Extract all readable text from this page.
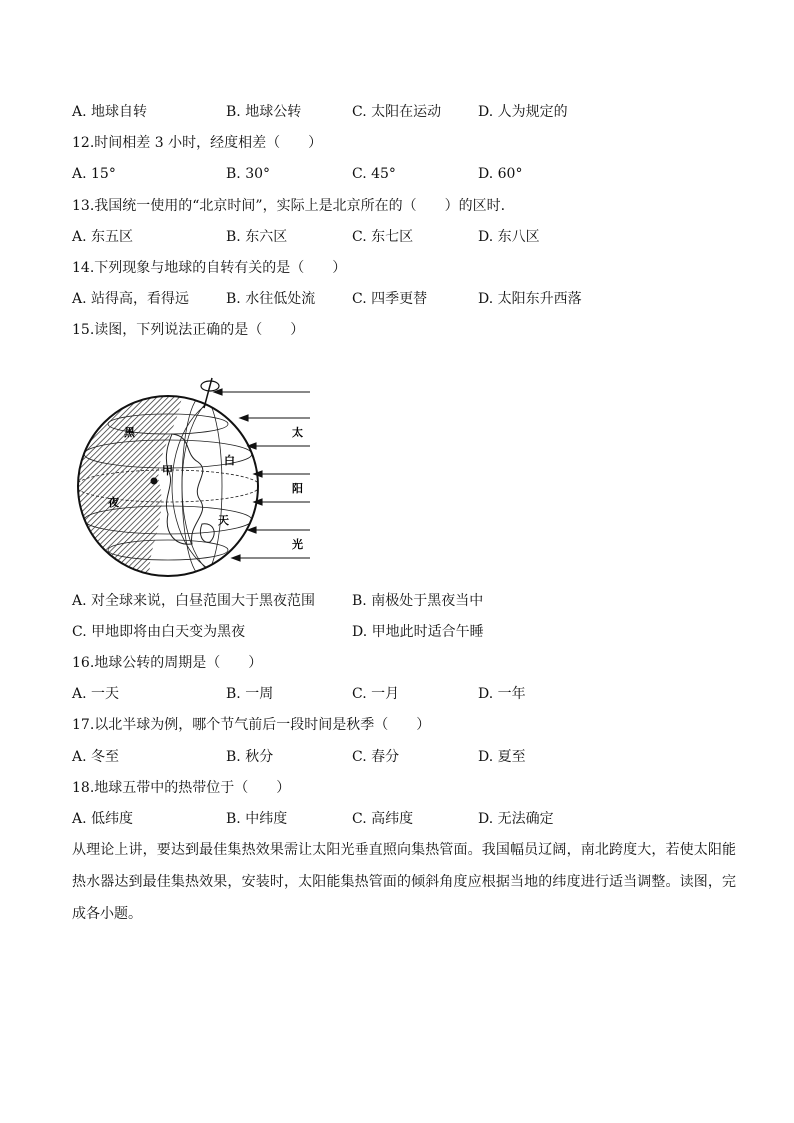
A. 地球自转	B. 地球公转	C. 太阳在运动	D. 人为规定的
12.时间相差 3 小时，经度相差（　　）
A. 15°	B. 30°	C. 45°	D. 60°
13.我国统一使用的“北京时间”，实际上是北京所在的（　　）的区时.
A. 东五区	B. 东六区	C. 东七区	D. 东八区
14.下列现象与地球的自转有关的是（　　）
A. 站得高，看得远	B. 水往低处流	C. 四季更替	D. 太阳东升西落
15.读图，下列说法正确的是（　　）
黑
夜
甲
白
天
太
阳
光
A. 对全球来说，白昼范围大于黑夜范围	B. 南极处于黑夜当中
C. 甲地即将由白天变为黑夜	D. 甲地此时适合午睡
16.地球公转的周期是（　　）
A. 一天	B. 一周	C. 一月	D. 一年
17.以北半球为例，哪个节气前后一段时间是秋季（　　）
A. 冬至	B. 秋分	C. 春分	D. 夏至
18.地球五带中的热带位于（　　）
A. 低纬度	B. 中纬度	C. 高纬度	D. 无法确定
从理论上讲，要达到最佳集热效果需让太阳光垂直照向集热管面。我国幅员辽阔，南北跨度大，若使太阳能热水器达到最佳集热效果，安装时，太阳能集热管面的倾斜角度应根据当地的纬度进行适当调整。读图，完成各小题。
